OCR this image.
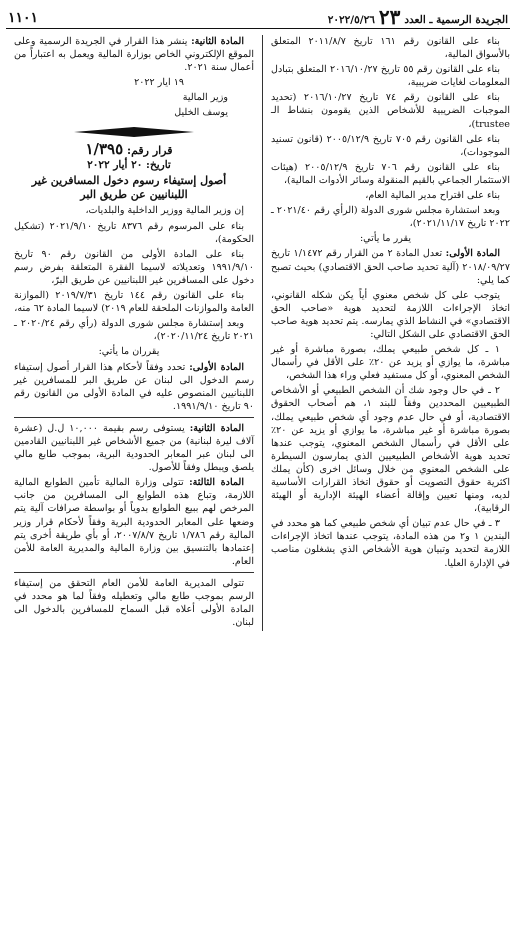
الجريدة الرسمية ـ العدد
٢٣
٢٠٢٢/٥/٢٦
١١٠١

بناء على القانون رقم ١٦١ تاريخ ٢٠١١/٨/٧ المتعلق بالأسواق المالية،

بناء على القانون رقم ٥٥ تاريخ ٢٠١٦/١٠/٢٧ المتعلق بتبادل المعلومات لغايات ضريبية،

بناء على القانون رقم ٧٤ تاريخ ٢٠١٦/١٠/٢٧ (تحديد الموجبات الضريبية للأشخاص الذين يقومون بنشاط الـ trustee)،

بناء على القانون رقم ٧٠٥ تاريخ ٢٠٠٥/١٢/٩ (قانون تسنيد الموجودات)،

بناء على القانون رقم ٧٠٦ تاريخ ٢٠٠٥/١٢/٩ (هيئات الاستثمار الجماعي بالقيم المنقولة وسائر الأدوات المالية)،

بناء على اقتراح مدير المالية العام،

وبعد استشارة مجلس شورى الدولة (الرأي رقم ٢٠٢١/٤٠ ـ ٢٠٢٢ تاريخ ٢٠٢١/١١/١٧)،

يقرر ما يأتي:

المادة الأولى: تعدل المادة ٢ من القرار رقم ١/١٤٧٢ تاريخ ٢٠١٨/٠٩/٢٧ (آلية تحديد صاحب الحق الاقتصادي) بحيث تصبح كما يلي:

يتوجب على كل شخص معنوي أياً يكن شكله القانوني، اتخاذ الإجراءات اللازمة لتحديد هوية «صاحب الحق الاقتصادي» في النشاط الذي يمارسه. يتم تحديد هوية صاحب الحق الاقتصادي على الشكل التالي:

١ ـ كل شخص طبيعي يملك، بصورة مباشرة أو غير مباشرة، ما يوازي أو يزيد عن ٢٠٪ على الأقل في رأسمال الشخص المعنوي، أو كل مستفيد فعلي وراء هذا الشخص،

٢ ـ في حال وجود شك أن الشخص الطبيعي أو الأشخاص الطبيعيين المحددين وفقاً للبند ١، هم أصحاب الحقوق الاقتصادية، أو في حال عدم وجود أي شخص طبيعي يملك، بصورة مباشرة أو غير مباشرة، ما يوازي أو يزيد عن ٢٠٪ على الأقل في رأسمال الشخص المعنوي، يتوجب عندها تحديد هوية الأشخاص الطبيعيين الذي يمارسون السيطرة على الشخص المعنوي من خلال وسائل اخرى (كأن يملك اكثرية حقوق التصويت أو حقوق اتخاذ القرارات الأساسية لديه، ومنها تعيين وإقالة أعضاء الهيئة الإدارية أو الهيئة الرقابية)،

٣ ـ في حال عدم تبيان أي شخص طبيعي كما هو محدد في البندين ١ و٢ من هذه المادة، يتوجب عندها اتخاذ الإجراءات اللازمة لتحديد وتبيان هوية الأشخاص الذي يشغلون مناصب في الإدارة العليا.

المادة الثانية: ينشر هذا القرار في الجريدة الرسمية وعلى الموقع الإلكتروني الخاص بوزارة المالية ويعمل به اعتباراً من أعمال سنة ٢٠٢١.

١٩ ايار ٢٠٢٢

وزير المالية

يوسف الخليل

قرار رقم: ١/٣٩٥

تاريخ: ٢٠ أيار ٢٠٢٢

أصول إستيفاء رسوم دخول المسافرين غير اللبنانيين عن طريق البر

إن وزير المالية ووزير الداخلية والبلديات،

بناء على المرسوم رقم ٨٣٧٦ تاريخ ٢٠٢١/٩/١٠ (تشكيل الحكومة)،

بناء على المادة الأولى من القانون رقم ٩٠ تاريخ ١٩٩١/٩/١٠ وتعديلاته لاسيما الفقرة المتعلقة بفرض رسم دخول على المسافرين غير اللبنانيين عن طريق البرّ،

بناء على القانون رقم ١٤٤ تاريخ ٢٠١٩/٧/٣١ (الموازنة العامة والموازنات الملحقة للعام ٢٠١٩) لاسيما المادة ٦٢ منه،

وبعد إستشارة مجلس شورى الدولة (رأي رقم ٢٠٢٠/٢٤ ـ ٢٠٢١ تاريخ ٢٠٢٠/١١/٢٤)،

يقرران ما يأتي:

المادة الأولى: تحدد وفقاً لأحكام هذا القرار أصول إستيفاء رسم الدخول الى لبنان عن طريق البر للمسافرين غير اللبنانيين المنصوص عليه في المادة الأولى من القانون رقم ٩٠ تاريخ ١٩٩١/٩/١٠.

المادة الثانية: يستوفى رسم بقيمة ١٠,٠٠٠ ل.ل (عشرة آلاف ليرة لبنانية) من جميع الأشخاص غير اللبنانيين القادمين الى لبنان عبر المعابر الحدودية البرية، بموجب طابع مالي يلصق ويبطل وفقاً للأصول.

المادة الثالثة: تتولى وزارة المالية تأمين الطوابع المالية اللازمة، وتباع هذه الطوابع الى المسافرين من جانب المرخص لهم ببيع الطوابع بدوياً أو بواسطة صرافات آلية يتم وضعها على المعابر الحدودية البرية وفقاً لأحكام قرار وزير المالية رقم ١/٧٨٦ تاريخ ٢٠٠٧/٨/٧، أو بأي طريقة أخرى يتم إعتمادها بالتنسيق بين وزارة المالية والمديرية العامة للأمن العام.

تتولى المديرية العامة للأمن العام التحقق من إستيفاء الرسم بموجب طابع مالي وتعطيله وفقاً لما هو محدد في المادة الأولى أعلاه قبل السماح للمسافرين بالدخول الى لبنان.
